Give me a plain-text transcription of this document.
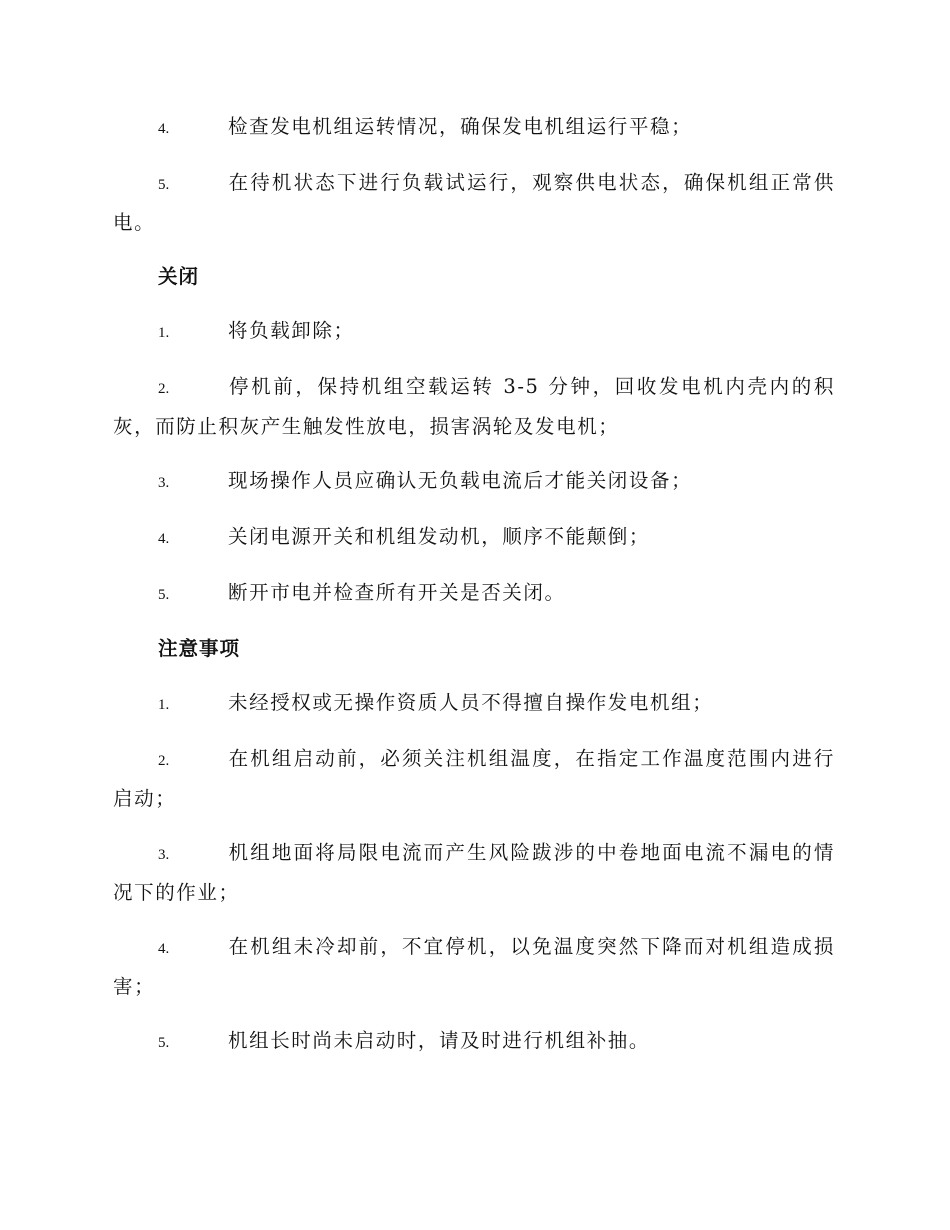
4.	检查发电机组运转情况，确保发电机组运行平稳；

5.	在待机状态下进行负载试运行，观察供电状态，确保机组正常供电。

关闭

1.	将负载卸除；

2.	停机前，保持机组空载运转 3-5 分钟，回收发电机内壳内的积灰，而防止积灰产生触发性放电，损害涡轮及发电机；

3.	现场操作人员应确认无负载电流后才能关闭设备；

4.	关闭电源开关和机组发动机，顺序不能颠倒；

5.	断开市电并检查所有开关是否关闭。

注意事项

1.	未经授权或无操作资质人员不得擅自操作发电机组；

2.	在机组启动前，必须关注机组温度，在指定工作温度范围内进行启动；

3.	机组地面将局限电流而产生风险跋涉的中卷地面电流不漏电的情况下的作业；

4.	在机组未冷却前，不宜停机，以免温度突然下降而对机组造成损害；

5.	机组长时尚未启动时，请及时进行机组补抽。
